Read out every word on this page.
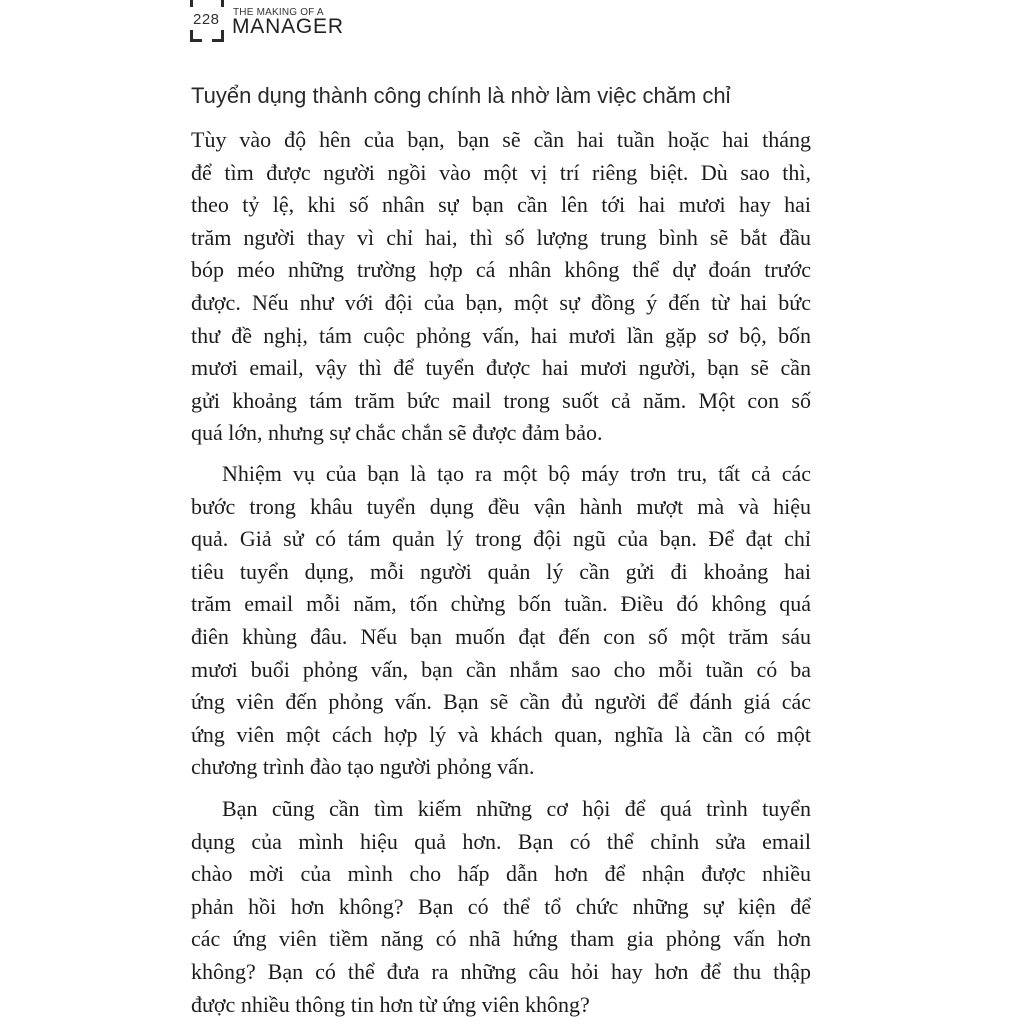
228 THE MAKING OF A
MANAGER
Tuyển dụng thành công chính là nhờ làm việc chăm chỉ
Tùy vào độ hên của bạn, bạn sẽ cần hai tuần hoặc hai tháng
để tìm được người ngồi vào một vị trí riêng biệt. Dù sao thì,
theo tỷ lệ, khi số nhân sự bạn cần lên tới hai mươi hay hai
trăm người thay vì chỉ hai, thì số lượng trung bình sẽ bắt đầu
bóp méo những trường hợp cá nhân không thể dự đoán trước
được. Nếu như với đội của bạn, một sự đồng ý đến từ hai bức
thư đề nghị, tám cuộc phỏng vấn, hai mươi lần gặp sơ bộ, bốn
mươi email, vậy thì để tuyển được hai mươi người, bạn sẽ cần
gửi khoảng tám trăm bức mail trong suốt cả năm. Một con số
quá lớn, nhưng sự chắc chắn sẽ được đảm bảo.
Nhiệm vụ của bạn là tạo ra một bộ máy trơn tru, tất cả các
bước trong khâu tuyển dụng đều vận hành mượt mà và hiệu
quả. Giả sử có tám quản lý trong đội ngũ của bạn. Để đạt chỉ
tiêu tuyển dụng, mỗi người quản lý cần gửi đi khoảng hai
trăm email mỗi năm, tốn chừng bốn tuần. Điều đó không quá
điên khùng đâu. Nếu bạn muốn đạt đến con số một trăm sáu
mươi buổi phỏng vấn, bạn cần nhắm sao cho mỗi tuần có ba
ứng viên đến phỏng vấn. Bạn sẽ cần đủ người để đánh giá các
ứng viên một cách hợp lý và khách quan, nghĩa là cần có một
chương trình đào tạo người phỏng vấn.
Bạn cũng cần tìm kiếm những cơ hội để quá trình tuyển
dụng của mình hiệu quả hơn. Bạn có thể chỉnh sửa email
chào mời của mình cho hấp dẫn hơn để nhận được nhiều
phản hồi hơn không? Bạn có thể tổ chức những sự kiện để
các ứng viên tiềm năng có nhã hứng tham gia phỏng vấn hơn
không? Bạn có thể đưa ra những câu hỏi hay hơn để thu thập
được nhiều thông tin hơn từ ứng viên không?
